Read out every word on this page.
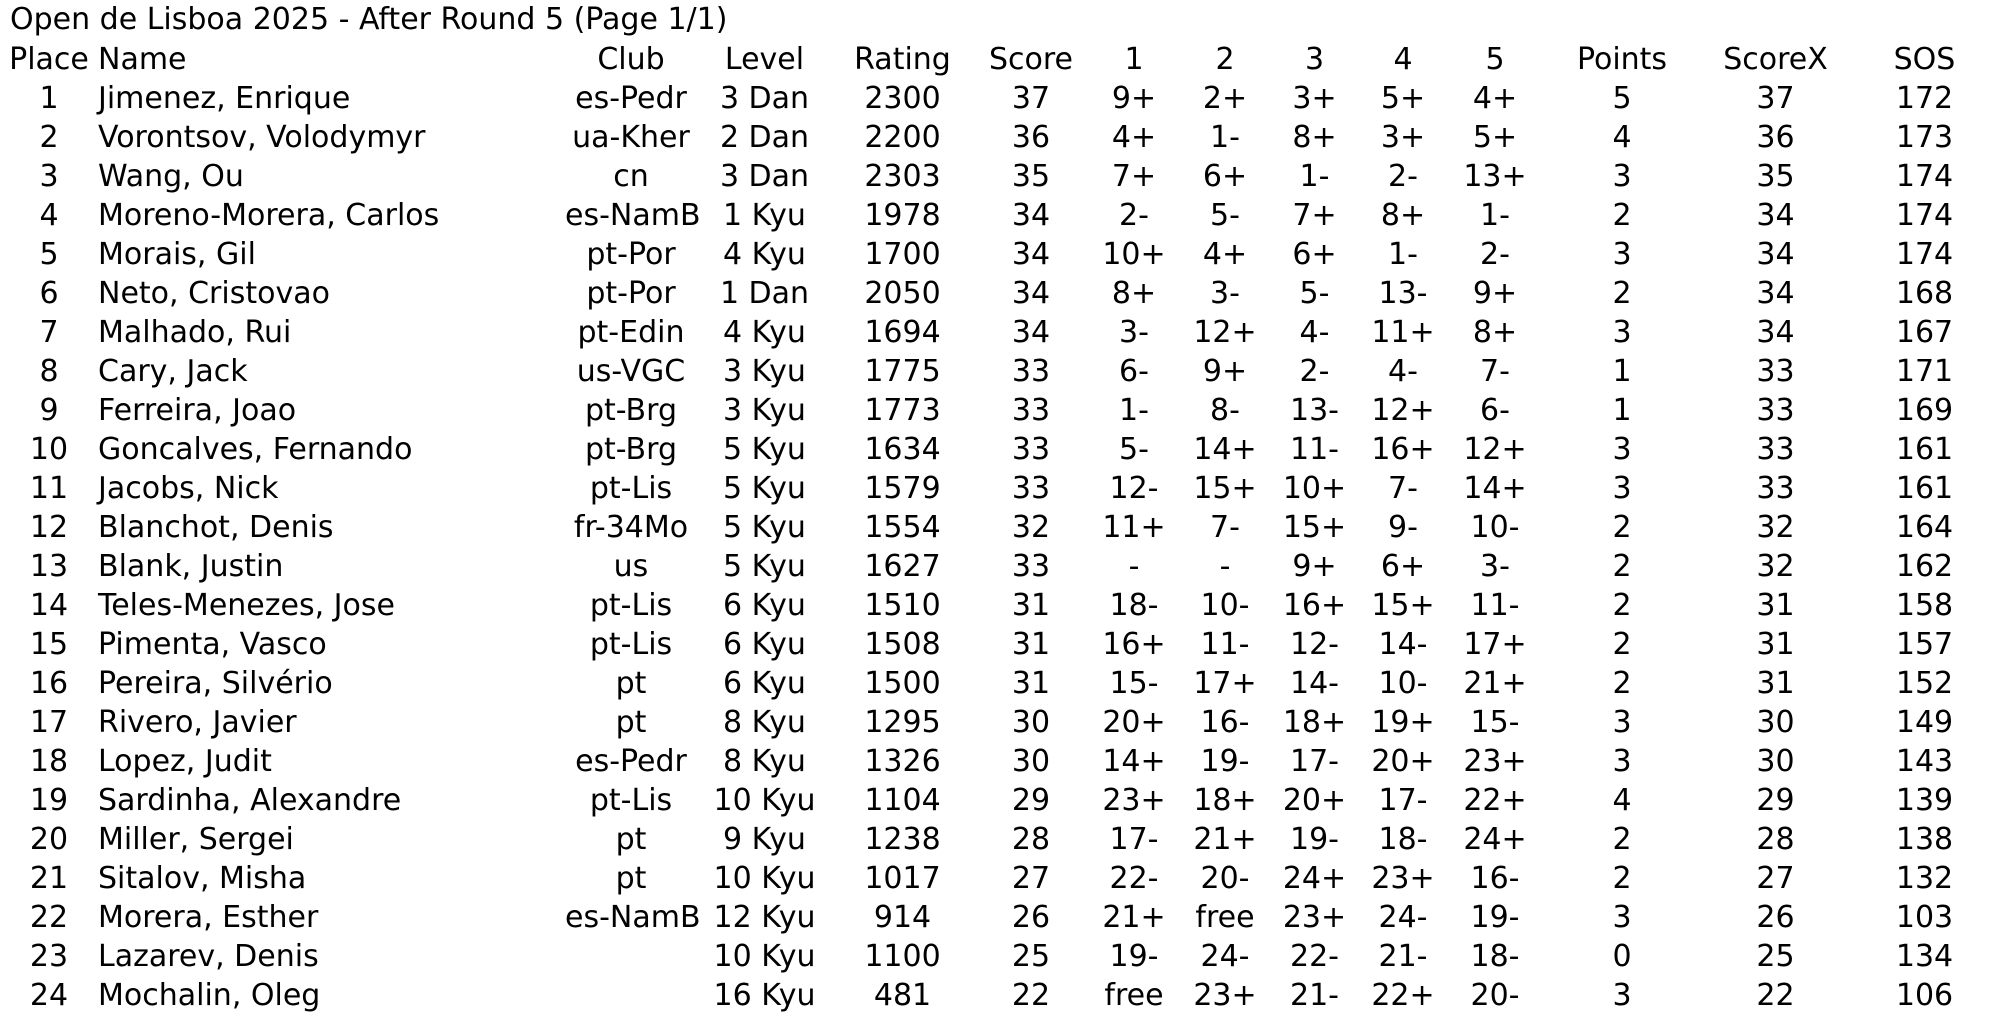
Open de Lisboa 2025 - After Round 5 (Page 1/1)
Place	Name	Club	Level	Rating	Score	1	2	3	4	5	Points	ScoreX	SOS
1	Jimenez, Enrique	es-Pedr	3 Dan	2300	37	9+	2+	3+	5+	4+	5	37	172
2	Vorontsov, Volodymyr	ua-Kher	2 Dan	2200	36	4+	1-	8+	3+	5+	4	36	173
3	Wang, Ou	cn	3 Dan	2303	35	7+	6+	1-	2-	13+	3	35	174
4	Moreno-Morera, Carlos	es-NamB	1 Kyu	1978	34	2-	5-	7+	8+	1-	2	34	174
5	Morais, Gil	pt-Por	4 Kyu	1700	34	10+	4+	6+	1-	2-	3	34	174
6	Neto, Cristovao	pt-Por	1 Dan	2050	34	8+	3-	5-	13-	9+	2	34	168
7	Malhado, Rui	pt-Edin	4 Kyu	1694	34	3-	12+	4-	11+	8+	3	34	167
8	Cary, Jack	us-VGC	3 Kyu	1775	33	6-	9+	2-	4-	7-	1	33	171
9	Ferreira, Joao	pt-Brg	3 Kyu	1773	33	1-	8-	13-	12+	6-	1	33	169
10	Goncalves, Fernando	pt-Brg	5 Kyu	1634	33	5-	14+	11-	16+	12+	3	33	161
11	Jacobs, Nick	pt-Lis	5 Kyu	1579	33	12-	15+	10+	7-	14+	3	33	161
12	Blanchot, Denis	fr-34Mo	5 Kyu	1554	32	11+	7-	15+	9-	10-	2	32	164
13	Blank, Justin	us	5 Kyu	1627	33	-	-	9+	6+	3-	2	32	162
14	Teles-Menezes, Jose	pt-Lis	6 Kyu	1510	31	18-	10-	16+	15+	11-	2	31	158
15	Pimenta, Vasco	pt-Lis	6 Kyu	1508	31	16+	11-	12-	14-	17+	2	31	157
16	Pereira, Silvério	pt	6 Kyu	1500	31	15-	17+	14-	10-	21+	2	31	152
17	Rivero, Javier	pt	8 Kyu	1295	30	20+	16-	18+	19+	15-	3	30	149
18	Lopez, Judit	es-Pedr	8 Kyu	1326	30	14+	19-	17-	20+	23+	3	30	143
19	Sardinha, Alexandre	pt-Lis	10 Kyu	1104	29	23+	18+	20+	17-	22+	4	29	139
20	Miller, Sergei	pt	9 Kyu	1238	28	17-	21+	19-	18-	24+	2	28	138
21	Sitalov, Misha	pt	10 Kyu	1017	27	22-	20-	24+	23+	16-	2	27	132
22	Morera, Esther	es-NamB	12 Kyu	914	26	21+	free	23+	24-	19-	3	26	103
23	Lazarev, Denis		10 Kyu	1100	25	19-	24-	22-	21-	18-	0	25	134
24	Mochalin, Oleg		16 Kyu	481	22	free	23+	21-	22+	20-	3	22	106
